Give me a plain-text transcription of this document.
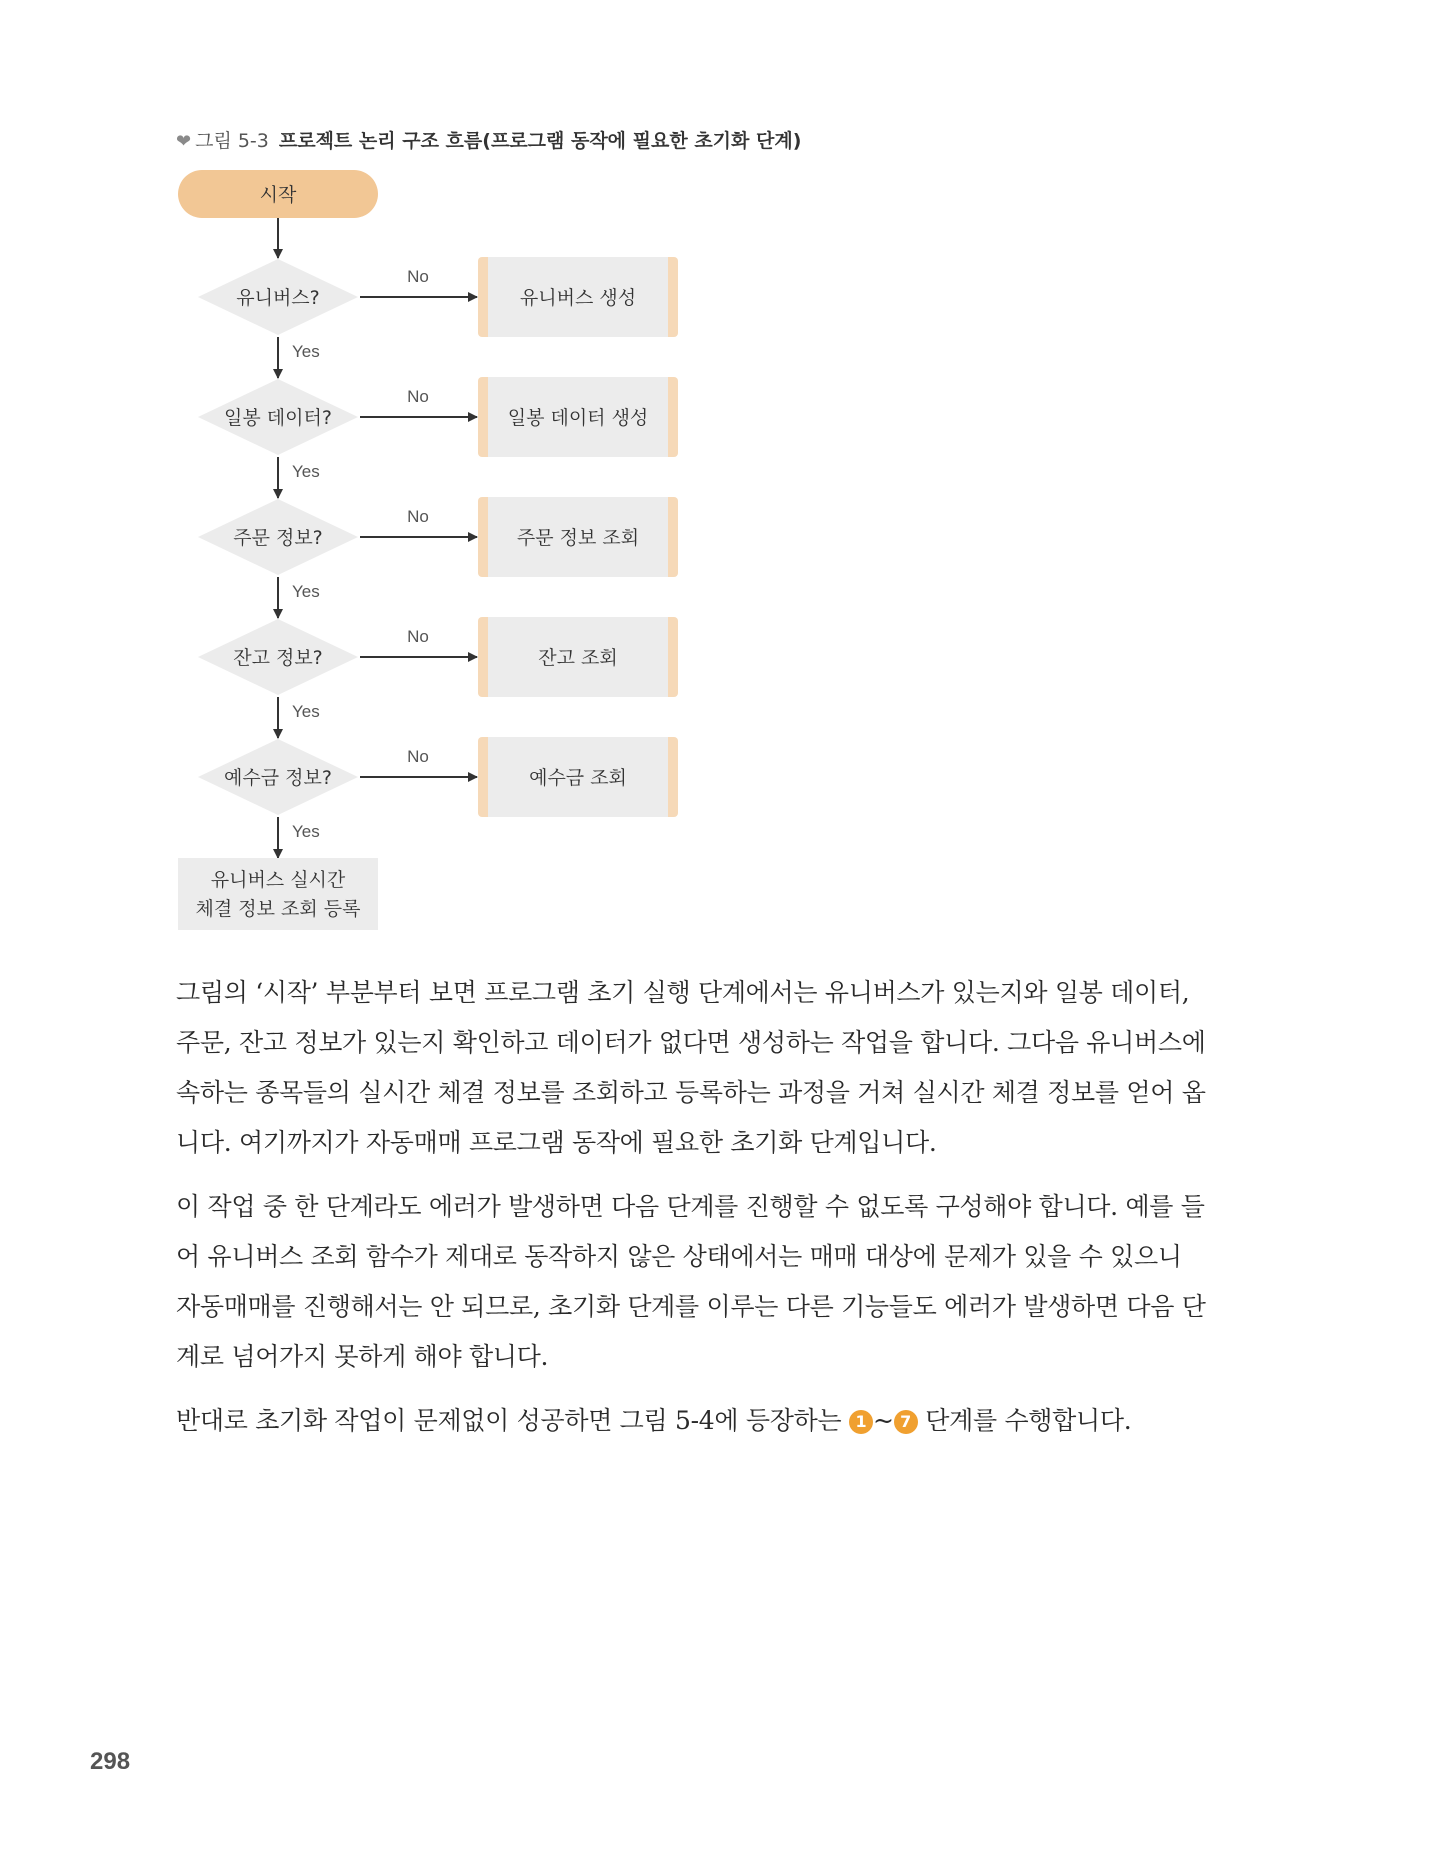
❤ 그림 5-3 프로젝트 논리 구조 흐름(프로그램 동작에 필요한 초기화 단계)
시작
유니버스?
No
유니버스 생성
Yes
일봉 데이터?
No
일봉 데이터 생성
Yes
주문 정보?
No
주문 정보 조회
Yes
잔고 정보?
No
잔고 조회
Yes
예수금 정보?
No
예수금 조회
Yes
유니버스 실시간
체결 정보 조회 등록

그림의 ‘시작’ 부분부터 보면 프로그램 초기 실행 단계에서는 유니버스가 있는지와 일봉 데이터, 주문, 잔고 정보가 있는지 확인하고 데이터가 없다면 생성하는 작업을 합니다. 그다음 유니버스에 속하는 종목들의 실시간 체결 정보를 조회하고 등록하는 과정을 거쳐 실시간 체결 정보를 얻어 옵니다. 여기까지가 자동매매 프로그램 동작에 필요한 초기화 단계입니다.

이 작업 중 한 단계라도 에러가 발생하면 다음 단계를 진행할 수 없도록 구성해야 합니다. 예를 들어 유니버스 조회 함수가 제대로 동작하지 않은 상태에서는 매매 대상에 문제가 있을 수 있으니 자동매매를 진행해서는 안 되므로, 초기화 단계를 이루는 다른 기능들도 에러가 발생하면 다음 단계로 넘어가지 못하게 해야 합니다.

반대로 초기화 작업이 문제없이 성공하면 그림 5-4에 등장하는 1 ~ 7 단계를 수행합니다.

298
